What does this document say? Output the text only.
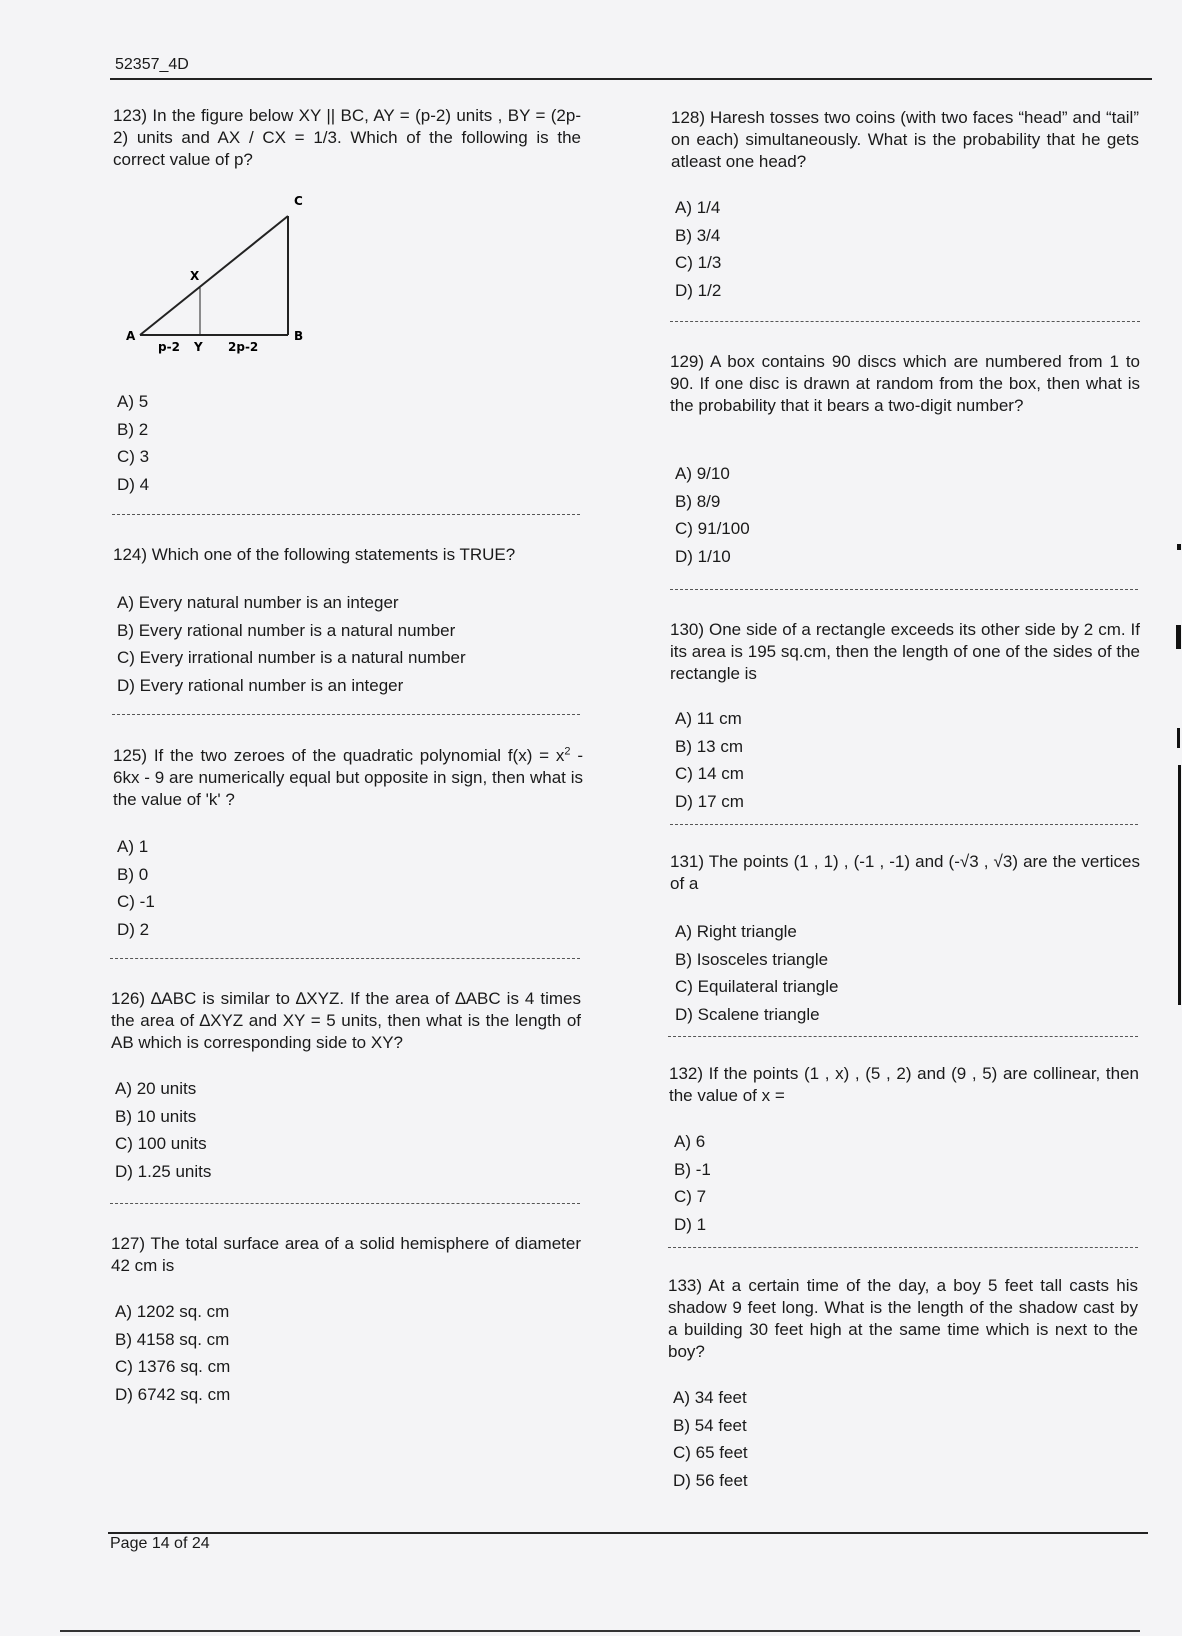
52357_4D
123) In the figure below XY || BC, AY = (p-2) units , BY = (2p-2) units and AX / CX = 1/3. Which of the following is the correct value of p?
A	B
C
X
Y
p-2	2p-2
A) 5
B) 2
C) 3
D) 4
124) Which one of the following statements is TRUE?
A) Every natural number is an integer
B) Every rational number is a natural number
C) Every irrational number is a natural number
D) Every rational number is an integer
125) If the two zeroes of the quadratic polynomial $f(x) = x^2 - 6kx - 9$ are numerically equal but opposite in sign, then what is the value of 'k' ?
A) 1
B) 0
C) -1
D) 2
126) ∆ABC is similar to ∆XYZ. If the area of ∆ABC is 4 times the area of ∆XYZ and XY = 5 units, then what is the length of AB which is corresponding side to XY?
A) 20 units
B) 10 units
C) 100 units
D) 1.25 units
127) The total surface area of a solid hemisphere of diameter 42 cm is
A) 1202 sq. cm
B) 4158 sq. cm
C) 1376 sq. cm
D) 6742 sq. cm
128) Haresh tosses two coins (with two faces “head” and “tail” on each) simultaneously. What is the probability that he gets atleast one head?
A) 1/4
B) 3/4
C) 1/3
D) 1/2
129) A box contains 90 discs which are numbered from 1 to 90. If one disc is drawn at random from the box, then what is the probability that it bears a two-digit number?
A) 9/10
B) 8/9
C) 91/100
D) 1/10
130) One side of a rectangle exceeds its other side by 2 cm. If its area is 195 sq.cm, then the length of one of the sides of the rectangle is
A) 11 cm
B) 13 cm
C) 14 cm
D) 17 cm
131) The points (1 , 1) , (-1 , -1) and (-√3 , √3) are the vertices of a
A) Right triangle
B) Isosceles triangle
C) Equilateral triangle
D) Scalene triangle
132) If the points (1 , x) , (5 , 2) and (9 , 5) are collinear, then the value of x =
A) 6
B) -1
C) 7
D) 1
133) At a certain time of the day, a boy 5 feet tall casts his shadow 9 feet long. What is the length of the shadow cast by a building 30 feet high at the same time which is next to the boy?
A) 34 feet
B) 54 feet
C) 65 feet
D) 56 feet
Page 14 of 24
